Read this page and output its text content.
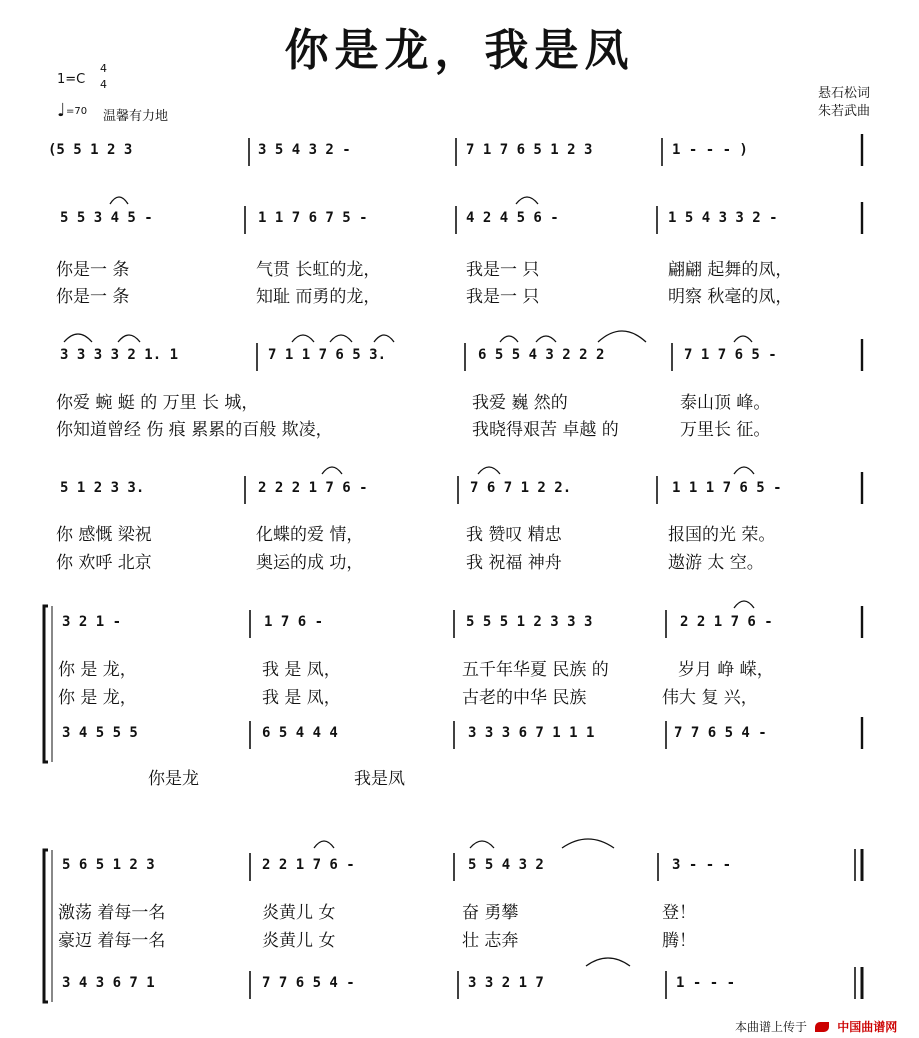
你是龙，我是凤
1=C
4
4
♩ =70 温馨有力地
悬石松词
朱若武曲
(5 5 1 2 3	3 5 4 3 2 -	7 1 7 6 5 1 2 3	1 - - - )
5 5 3 4 5 -	1 1 7 6 7 5 -	4 2 4 5 6 -	1 5 4 3 3 2 -
你是一 条	气贯 长虹的龙，	我是一 只	翩翩 起舞的凤，
你是一 条	知耻 而勇的龙，	我是一 只	明察 秋毫的凤，
3 3 3 3 2 1. 1	7 1 1 7 6 5 3.	6 5 5 4 3 2 2 2	7 1 7 6 5 -
你爱 蜿 蜓 的 万里 长 城，	我爱 巍 然的	泰山顶 峰。
你知道曾经 伤 痕 累累的百般 欺凌，	我晓得艰苦 卓越 的	万里长 征。
5 1 2 3 3.	2 2 2 1 7 6 -	7 6 7 1 2 2.	1 1 1 7 6 5 -
你 感慨 梁祝	化蝶的爱 情，	我 赞叹 精忠	报国的光 荣。
你 欢呼 北京	奥运的成 功，	我 祝福 神舟	遨游 太 空。
3 2 1 -	1 7 6 -	5 5 5 1 2 3 3 3	2 2 1 7 6 -
你 是 龙，	我 是 凤，	五千年华夏 民族 的	岁月 峥 嵘，
你 是 龙，	我 是 凤，	古老的中华 民族	伟大 复 兴，
3 4 5 5 5	6 5 4 4 4	3 3 3 6 7 1 1 1	7 7 6 5 4 -
你是龙	我是凤
5 6 5 1 2 3	2 2 1 7 6 -	5 5 4 3 2	3 - - -
激荡 着每一名	炎黄儿 女	奋 勇攀	登！
豪迈 着每一名	炎黄儿 女	壮 志奔	腾！
3 4 3 6 7 1	7 7 6 5 4 -	3 3 2 1 7	1 - - -
本曲谱上传于	中国曲谱网
